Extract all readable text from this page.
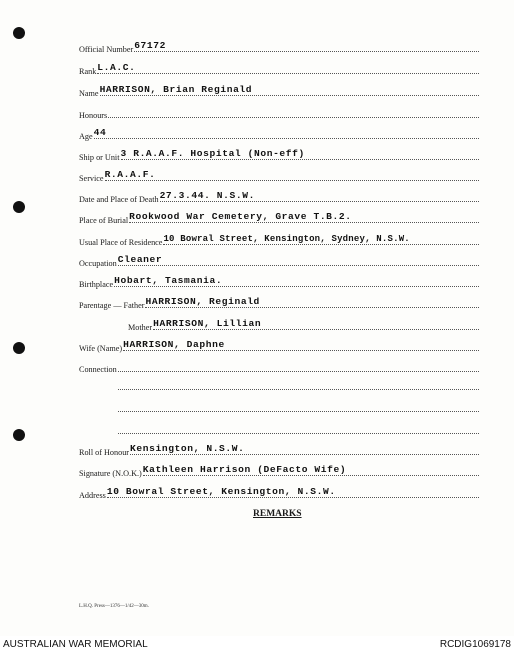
Official Number 67172
Rank L.A.C.
Name HARRISON, Brian Reginald
Honours
Age 44
Ship or Unit 3 R.A.A.F. Hospital (Non-eff)
Service R.A.A.F.
Date and Place of Death 27.3.44. N.S.W.
Place of Burial Rookwood War Cemetery, Grave T.B.2.
Usual Place of Residence 10 Bowral Street, Kensington, Sydney, N.S.W.
Occupation Cleaner
Birthplace Hobart, Tasmania.
Parentage — Father HARRISON, Reginald
Mother HARRISON, Lillian
Wife (Name) HARRISON, Daphne
Connection
Roll of Honour Kensington, N.S.W.
Signature (N.O.K.) Kathleen Harrison (DeFacto Wife)
Address 10 Bowral Street, Kensington, N.S.W.
REMARKS
L.H.Q. Press—1376—1/42—30m.
AUSTRALIAN WAR MEMORIAL	RCDIG1069178
